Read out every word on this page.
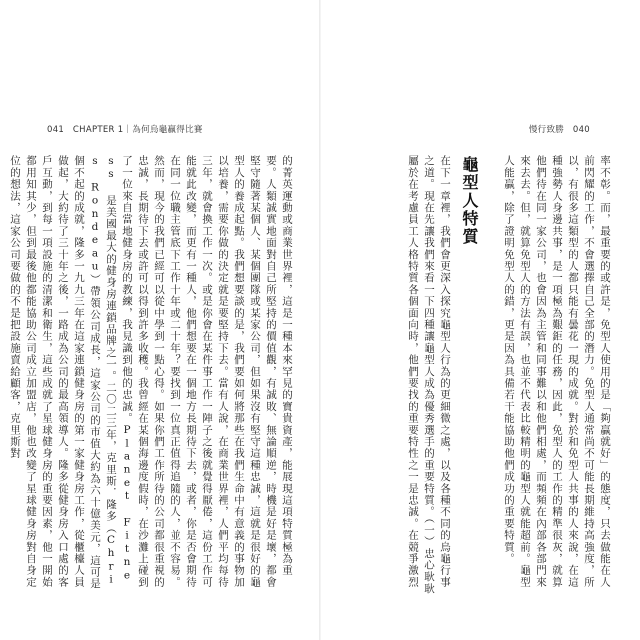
041　CHAPTER 1｜為何烏龜贏得比賽
的菁英運動或商業世界裡，這是一種本來罕見的寶貴資產，能展現這項特質極為重要。人類誠實地面對自己所堅持的價值觀，有誠敗、無論順逆，時機是好是壞，都會堅守隨著某個人、某個團隊或某家公司，但如果沒有堅守這種忠誠，這就是很好的龜型人的養成起點。我們想要談的是，我們要如何將那些在我們生命中有意義的事物加以培養，需要你做的決定就是要堅持下去。當有人說，在商業世界裡，人們平均每待三年，就會換工作一次。或是你會在某件事工作一陣子之後就覺得厭倦，這份工作可能就此改變，而更有一種人，他們想要在一個地方長期待下去，或者，你是否會期待在同一位職主管底下工作十年或二十年？要找到一位真正值得追隨的人，並不容易。然而，現今的我們已經可以從中學到一點心得。如果你們工作所待的公司都很重視的忠誠，長期待下去或許可以得到許多收穫。我曾經在某個海邊度假時，在沙灘上碰到了一位來自當地健身房的教練，我見識到他的忠誠。Planet Fitness 是美國最大的健身房連鎖品牌之一。二〇二三年，克里斯．隆多（Chris Rondeau）帶領公司成長，這家公司的市值大約為六十億美元，這可是個不起的成就，隆多一九九三年在這家連鎖健身房的第一家健身房工作，從櫃檯人員做起，大約待了三十年之後，一路成為公司的最高領導人。隆多從健身房入口處的客戶互動，到每一項設施的清潔和衛生，這些成就了星球健身房的重要因素，他一開始都用知其少，但到最後他都能協助公司成立加盟店，他也改變了星球健身房對自身定位的想法，這家公司要做的不是把設施賣給顧客，克里斯對
慢行致勝　040
率不彰。而，最重要的或許是，免型人使用的是「夠贏就好」的態度，只去做能在人前閃耀的工作，不會選擇自己全部的潛力。免型人通常尚不可能長期維持高強度，所以，有很多這類型的人都只能有曇花一現的成就。對於和免型人共事的人來說，在這種強勢人身邊共事，是一項極為艱鉅的任務，因此，免型人的工作的精準很灰，就算他們待在同一家公司，也會因為主管和同事難以和他們相處，而頻頻在內部各部門來來去去。但，就算免型人的方法有誤，也並不代表比較精明的龜型人就能超前。龜型人能贏，除了證明免型人的錯，更是因為具備若干能協助他們成功的重要特質。
龜型人特質
在下一章裡，我們會更深入探究龜型人行為的更細微之處，以及各種不同的烏龜行事之道。現在先讓我們來看一下四種讓龜型人成為優秀選手的重要特質。（一）忠心耿耿　屬於在考慮員工人格特質各個面向時，他們要找的重要特性之一是忠誠。在競爭激烈
